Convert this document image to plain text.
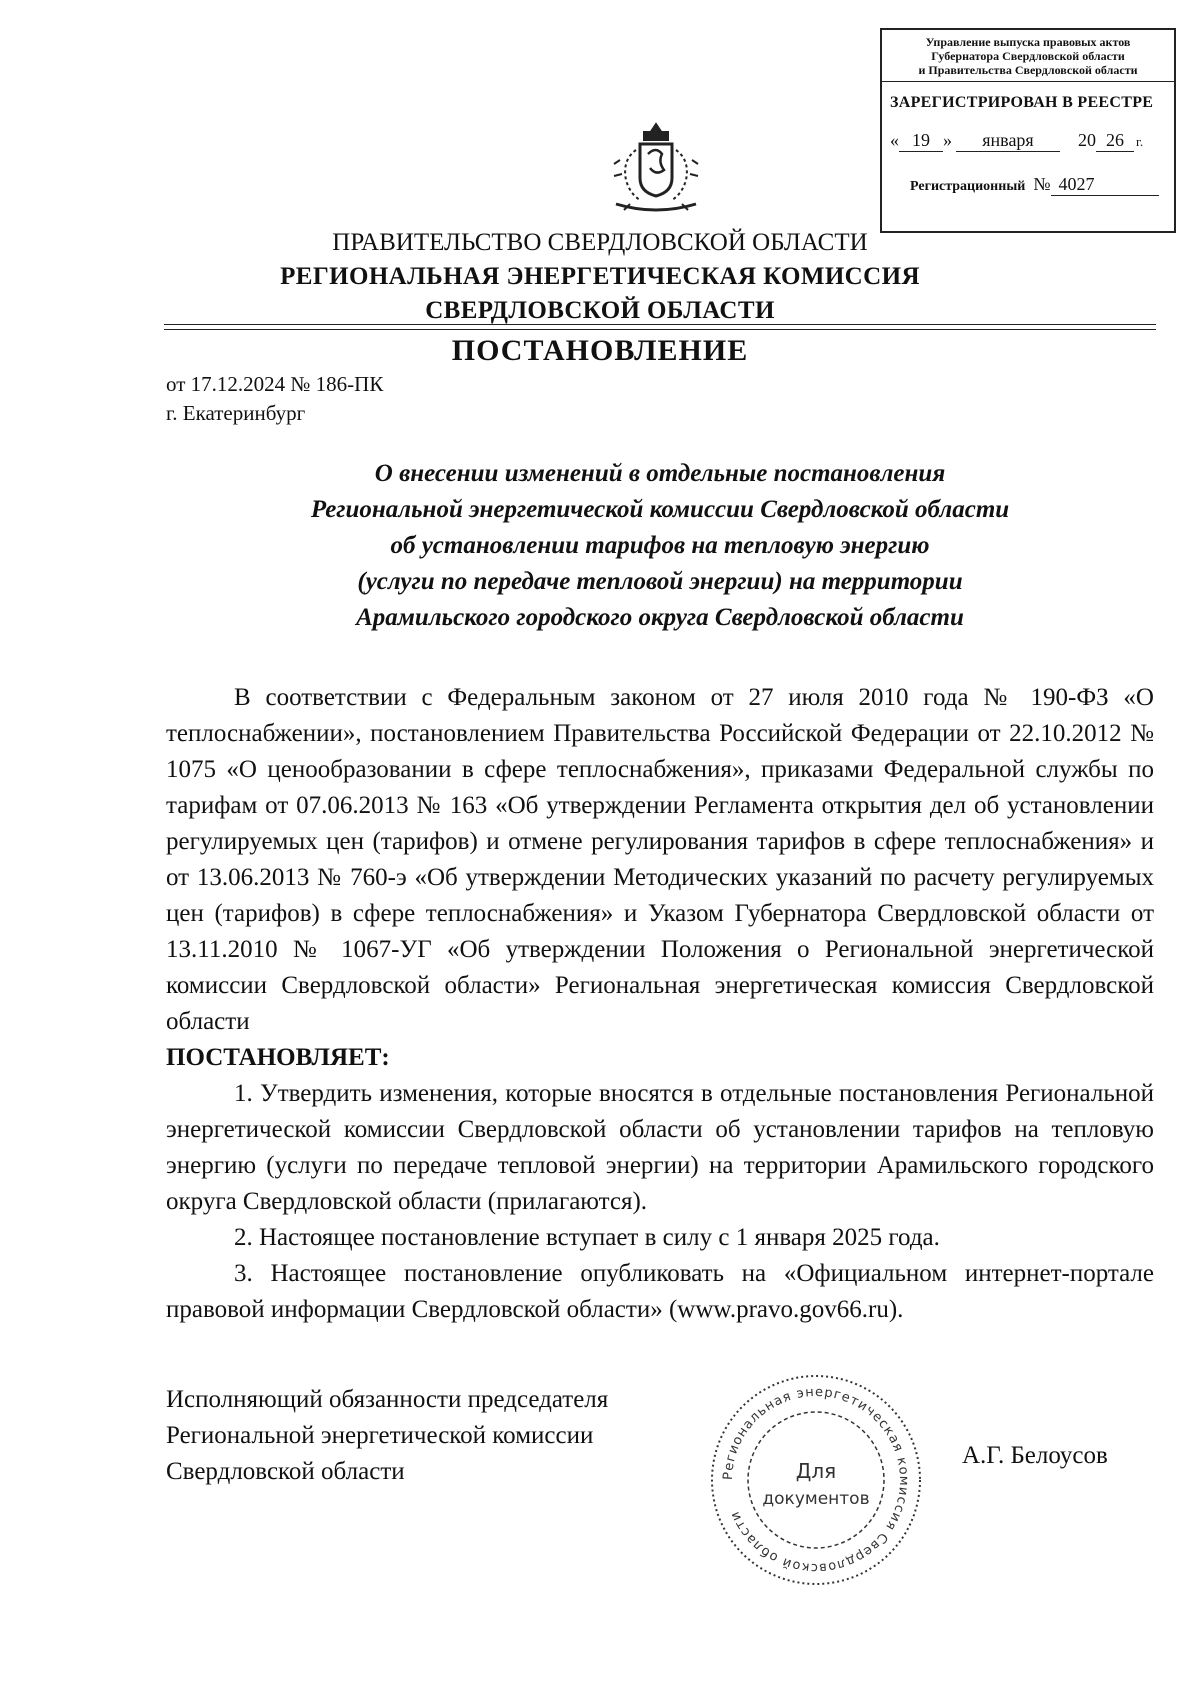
Управление выпуска правовых актов
Губернатора Свердловской области
и Правительства Свердловской области
ЗАРЕГИСТРИРОВАН В РЕЕСТРЕ
« 19 » января 20 26 г.
Регистрационный № 4027
ПРАВИТЕЛЬСТВО СВЕРДЛОВСКОЙ ОБЛАСТИ
РЕГИОНАЛЬНАЯ ЭНЕРГЕТИЧЕСКАЯ КОМИССИЯ
СВЕРДЛОВСКОЙ ОБЛАСТИ
ПОСТАНОВЛЕНИЕ
от 17.12.2024 № 186-ПК
г. Екатеринбург
О внесении изменений в отдельные постановления
Региональной энергетической комиссии Свердловской области
об установлении тарифов на тепловую энергию
(услуги по передаче тепловой энергии) на территории
Арамильского городского округа Свердловской области

В соответствии с Федеральным законом от 27 июля 2010 года № 190-ФЗ «О теплоснабжении», постановлением Правительства Российской Федерации от 22.10.2012 № 1075 «О ценообразовании в сфере теплоснабжения», приказами Федеральной службы по тарифам от 07.06.2013 № 163 «Об утверждении Регламента открытия дел об установлении регулируемых цен (тарифов) и отмене регулирования тарифов в сфере теплоснабжения» и от 13.06.2013 № 760-э «Об утверждении Методических указаний по расчету регулируемых цен (тарифов) в сфере теплоснабжения» и Указом Губернатора Свердловской области от 13.11.2010 № 1067-УГ «Об утверждении Положения о Региональной энергетической комиссии Свердловской области» Региональная энергетическая комиссия Свердловской области

ПОСТАНОВЛЯЕТ:

1. Утвердить изменения, которые вносятся в отдельные постановления Региональной энергетической комиссии Свердловской области об установлении тарифов на тепловую энергию (услуги по передаче тепловой энергии) на территории Арамильского городского округа Свердловской области (прилагаются).

2. Настоящее постановление вступает в силу с 1 января 2025 года.

3. Настоящее постановление опубликовать на «Официальном интернет-портале правовой информации Свердловской области» (www.pravo.gov66.ru).

Исполняющий обязанности председателя
Региональной энергетической комиссии
Свердловской области	Региональная энергетическая комиссия Свердловской области
Для
документов
А.Г. Белоусов
